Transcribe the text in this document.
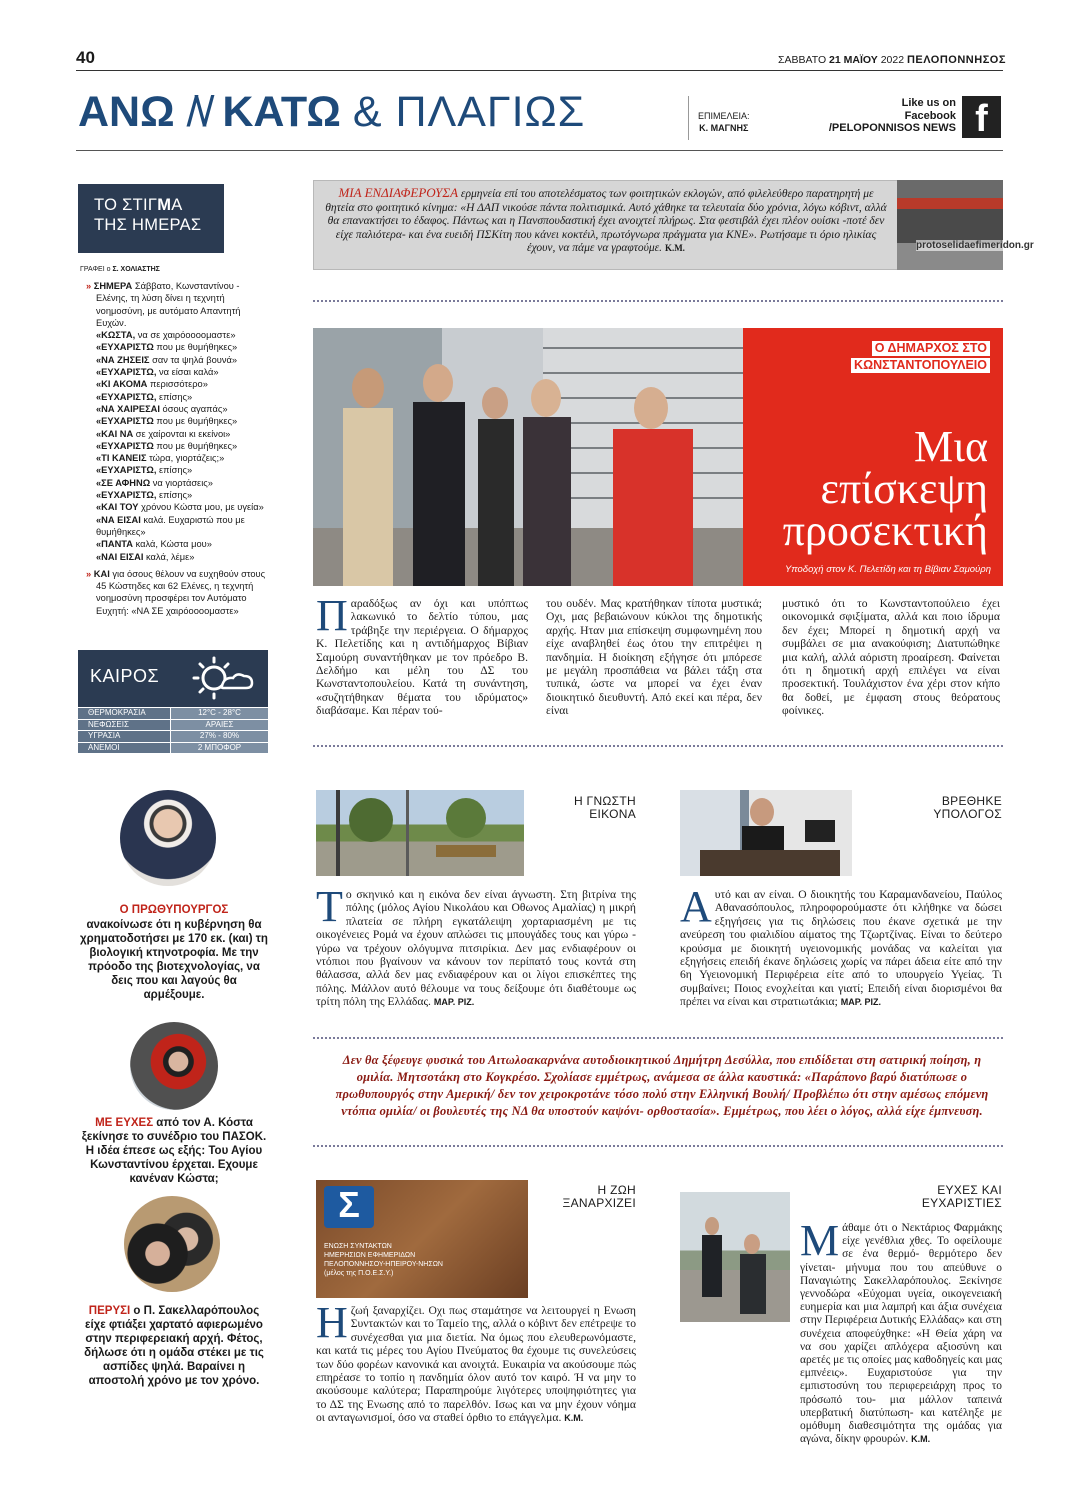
40	ΣΑΒΒΑΤΟ 21 ΜΑΪΟΥ 2022 ΠΕΛΟΠΟΝΝΗΣΟΣ
ΑΝΩ /\/ ΚΑΤΩ & ΠΛΑΓΙΩΣ	ΕΠΙΜΕΛΕΙΑ:
Κ. ΜΑΓΝΗΣ
Like us on
Facebook
/PELOPONNISOS NEWS f
ΤΟ ΣΤΙΓΜΑ
ΤΗΣ ΗΜΕΡΑΣ
ΓΡΑΦΕΙ ο Σ. ΧΟΛΙΑΣΤΗΣ
» ΣΗΜΕΡΑ Σάββατο, Κωνσταντίνου - Ελένης, τη λύση δίνει η τεχνητή νοημοσύνη, με αυτόματο Απαντητή Ευχών.
«ΚΩΣΤΑ, να σε χαιρόοοοομαστε»
«ΕΥΧΑΡΙΣΤΩ που με θυμήθηκες»
«ΝΑ ΖΗΣΕΙΣ σαν τα ψηλά βουνά»
«ΕΥΧΑΡΙΣΤΩ, να είσαι καλά»
«ΚΙ ΑΚΟΜΑ περισσότερο»
«ΕΥΧΑΡΙΣΤΩ, επίσης»
«ΝΑ ΧΑΙΡΕΣΑΙ όσους αγαπάς»
«ΕΥΧΑΡΙΣΤΩ που με θυμήθηκες»
«ΚΑΙ ΝΑ σε χαίρονται κι εκείνοι»
«ΕΥΧΑΡΙΣΤΩ που με θυμήθηκες»
«ΤΙ ΚΑΝΕΙΣ τώρα, γιορτάζεις;»
«ΕΥΧΑΡΙΣΤΩ, επίσης»
«ΣΕ ΑΦΗΝΩ να γιορτάσεις»
«ΕΥΧΑΡΙΣΤΩ, επίσης»
«ΚΑΙ ΤΟΥ χρόνου Κώστα μου, με υγεία»
«ΝΑ ΕΙΣΑΙ καλά. Ευχαριστώ που με θυμήθηκες»
«ΠΑΝΤΑ καλά, Κώστα μου»
«ΝΑΙ ΕΙΣΑΙ καλά, λέμε»
» ΚΑΙ για όσους θέλουν να ευχηθούν στους 45 Κώστηδες και 62 Ελένες, η τεχνητή νοημοσύνη προσφέρει τον Αυτόματο Ευχητή: «ΝΑ ΣΕ χαιρόοοοομαστε»
ΚΑΙΡΟΣ
ΘΕΡΜΟΚΡΑΣΙΑ	12°C - 28°C
ΝΕΦΩΣΕΙΣ	ΑΡΑΙΕΣ
ΥΓΡΑΣΙΑ	27% - 80%
ΑΝΕΜΟΙ	2 ΜΠΟΦΟΡ
Ο ΠΡΩΘΥΠΟΥΡΓΟΣ
ανακοίνωσε ότι η κυβέρνηση θα χρηματοδοτήσει με 170 εκ. (και) τη βιολογική κτηνοτροφία. Με την πρόοδο της βιοτεχνολογίας, να δεις που και λαγούς θα αρμέξουμε.
ΜΕ ΕΥΧΕΣ από τον Α. Κόστα ξεκίνησε το συνέδριο του ΠΑΣΟΚ. Η ιδέα έπεσε ως εξής: Του Αγίου Κωνσταντίνου έρχεται. Εχουμε κανέναν Κώστα;
ΠΕΡΥΣΙ ο Π. Σακελλαρόπουλος είχε φτιάξει χαρτατό αφιερωμένο στην περιφερειακή αρχή. Φέτος, δήλωσε ότι η ομάδα στέκει με τις ασπίδες ψηλά. Βαραίνει η αποστολή χρόνο με τον χρόνο.
ΜΙΑ ΕΝΔΙΑΦΕΡΟΥΣΑ ερμηνεία επί του αποτελέσματος των φοιτητικών εκλογών, από φιλελεύθερο παρατηρητή με θητεία στο φοιτητικό κίνημα: «Η ΔΑΠ νικούσε πάντα πολιτισμικά. Αυτό χάθηκε τα τελευταία δύο χρόνια, λόγω κόβιντ, αλλά θα επανακτήσει το έδαφος. Πάντως και η Πανσπουδαστική έχει ανοιχτεί πλήρως. Στα φεστιβάλ έχει πλέον ουίσκι -ποτέ δεν είχε παλιότερα- και ένα ευειδή ΠΣΚίτη που κάνει κοκτέιλ, πρωτόγνωρα πράγματα για ΚΝΕ». Ρωτήσαμε τι όριο ηλικίας έχουν, να πάμε να γραφτούμε. Κ.Μ.	protoselidaefimeridon.gr
Ο ΔΗΜΑΡΧΟΣ ΣΤΟ
ΚΩΝΣΤΑΝΤΟΠΟΥΛΕΙΟ
Μια
επίσκεψη
προσεκτική
Υποδοχή στον Κ. Πελετίδη και τη Βίβιαν Σαμούρη
Παραδόξως αν όχι και υπόπτως λακωνικό το δελτίο τύπου, μας τράβηξε την περιέργεια. Ο δήμαρχος Κ. Πελετίδης και η αντιδήμαρχος Βίβιαν Σαμούρη συναντήθηκαν με τον πρόεδρο Β. Δελδήμο και μέλη του ΔΣ του Κωνσταντοπουλείου. Κατά τη συνάντηση, «συζητήθηκαν θέματα του ιδρύματος» διαβάσαμε. Και πέραν τού-
του ουδέν. Μας κρατήθηκαν τίποτα μυστικά; Οχι, μας βεβαιώνουν κύκλοι της δημοτικής αρχής. Ηταν μια επίσκεψη συμφωνημένη που είχε αναβληθεί έως ότου την επιτρέψει η πανδημία. Η διοίκηση εξήγησε ότι μπόρεσε με μεγάλη προσπάθεια να βάλει τάξη στα τυπικά, ώστε να μπορεί να έχει έναν διοικητικό διευθυντή. Από εκεί και πέρα, δεν είναι
μυστικό ότι το Κωνσταντοπούλειο έχει οικονομικά σφιξίματα, αλλά και ποιο ίδρυμα δεν έχει; Μπορεί η δημοτική αρχή να συμβάλει σε μια ανακούφιση; Διατυπώθηκε μια καλή, αλλά αόριστη προαίρεση. Φαίνεται ότι η δημοτική αρχή επιλέγει να είναι προσεκτική. Τουλάχιστον ένα χέρι στον κήπο θα δοθεί, με έμφαση στους θεόρατους φοίνικες.
Η ΓΝΩΣΤΗ
ΕΙΚΟΝΑ
Το σκηνικό και η εικόνα δεν είναι άγνωστη. Στη βιτρίνα της πόλης (μόλος Αγίου Νικολάου και Οθωνος Αμαλίας) η μικρή πλατεία σε πλήρη εγκατάλειψη χορταριασμένη με τις οικογένειες Ρομά να έχουν απλώσει τις μπουγάδες τους και γύρω - γύρω να τρέχουν ολόγυμνα πιτσιρίκια. Δεν μας ενδιαφέρουν οι ντόπιοι που βγαίνουν να κάνουν τον περίπατό τους κοντά στη θάλασσα, αλλά δεν μας ενδιαφέρουν και οι λίγοι επισκέπτες της πόλης. Μάλλον αυτό θέλουμε να τους δείξουμε ότι διαθέτουμε ως τρίτη πόλη της Ελλάδας. ΜΑΡ. ΡΙΖ.
ΒΡΕΘΗΚΕ
ΥΠΟΛΟΓΟΣ
Αυτό και αν είναι. Ο διοικητής του Καραμανδανείου, Παύλος Αθανασόπουλος, πληροφορούμαστε ότι κλήθηκε να δώσει εξηγήσεις για τις δηλώσεις που έκανε σχετικά με την ανεύρεση του φιαλιδίου αίματος της Τζωρτζίνας. Είναι το δεύτερο κρούσμα με διοικητή υγειονομικής μονάδας να καλείται για εξηγήσεις επειδή έκανε δηλώσεις χωρίς να πάρει άδεια είτε από την 6η Υγειονομική Περιφέρεια είτε από το υπουργείο Υγείας. Τι συμβαίνει; Ποιος ενοχλείται και γιατί; Επειδή είναι διορισμένοι θα πρέπει να είναι και στρατιωτάκια; ΜΑΡ. ΡΙΖ.
Δεν θα ξέφευγε φυσικά του Αιτωλοακαρνάνα αυτοδιοικητικού Δημήτρη Δεσύλλα, που επιδίδεται στη σατιρική ποίηση, η ομιλία. Μητσοτάκη στο Κογκρέσο. Σχολίασε εμμέτρως, ανάμεσα σε άλλα καυστικά: «Παράπονο βαρύ διατύπωσε ο πρωθυπουργός στην Αμερική/ δεν τον χειροκροτάνε τόσο πολύ στην Ελληνική Βουλή/ Προβλέπω ότι στην αμέσως επόμενη ντόπια ομιλία/ οι βουλευτές της ΝΔ θα υποστούν καψόνι- ορθοστασία». Εμμέτρως, που λέει ο λόγος, αλλά είχε έμπνευση.
Σ
ΕΝΩΣΗ ΣΥΝΤΑΚΤΩΝ
ΗΜΕΡΗΣΙΩΝ ΕΦΗΜΕΡΙΔΩΝ
ΠΕΛΟΠΟΝΝΗΣΟΥ-ΗΠΕΙΡΟΥ-ΝΗΣΩΝ
(μέλος της Π.Ο.Ε.Σ.Υ.)
Η ΖΩΗ
ΞΑΝΑΡΧΙΖΕΙ
Η ζωή ξαναρχίζει. Οχι πως σταμάτησε να λειτουργεί η Ενωση Συντακτών και το Ταμείο της, αλλά ο κόβιντ δεν επέτρεψε το συνέχεσθαι για μια διετία. Να όμως που ελευθερωνόμαστε, και κατά τις μέρες του Αγίου Πνεύματος θα έχουμε τις συνελεύσεις των δύο φορέων κανονικά και ανοιχτά. Ευκαιρία να ακούσουμε πώς επηρέασε το τοπίο η πανδημία όλον αυτό τον καιρό. Ή να μην το ακούσουμε καλύτερα; Παραπηρούμε λιγότερες υποψηφιότητες για το ΔΣ της Ενωσης από το παρελθόν. Ισως και να μην έχουν νόημα οι ανταγωνισμοί, όσο να σταθεί όρθιο το επάγγελμα. Κ.Μ.
ΕΥΧΕΣ ΚΑΙ
ΕΥΧΑΡΙΣΤΙΕΣ
Μάθαμε ότι ο Νεκτάριος Φαρμάκης είχε γενέθλια χθες. Το οφείλουμε σε ένα θερμό- θερμότερο δεν γίνεται- μήνυμα που του απεύθυνε ο Παναγιώτης Σακελλαρόπουλος. Ξεκίνησε γεννοδώρα «Εύχομαι υγεία, οικογενειακή ευημερία και μια λαμπρή και άξια συνέχεια στην Περιφέρεια Δυτικής Ελλάδας» και στη συνέχεια αποφεύχθηκε: «Η Θεία χάρη να να σου χαρίζει απλόχερα αξιοσύνη και αρετές με τις οποίες μας καθοδηγείς και μας εμπνέεις». Ευχαριστούσε για την εμπιστοσύνη του περιφερειάρχη προς το πρόσωπό του- μια μάλλον ταπεινά υπερβατική διατύπωση- και κατέληξε με ομόθυμη διαθεσιμότητα της ομάδας για αγώνα, δίκην φρουρών. Κ.Μ.
